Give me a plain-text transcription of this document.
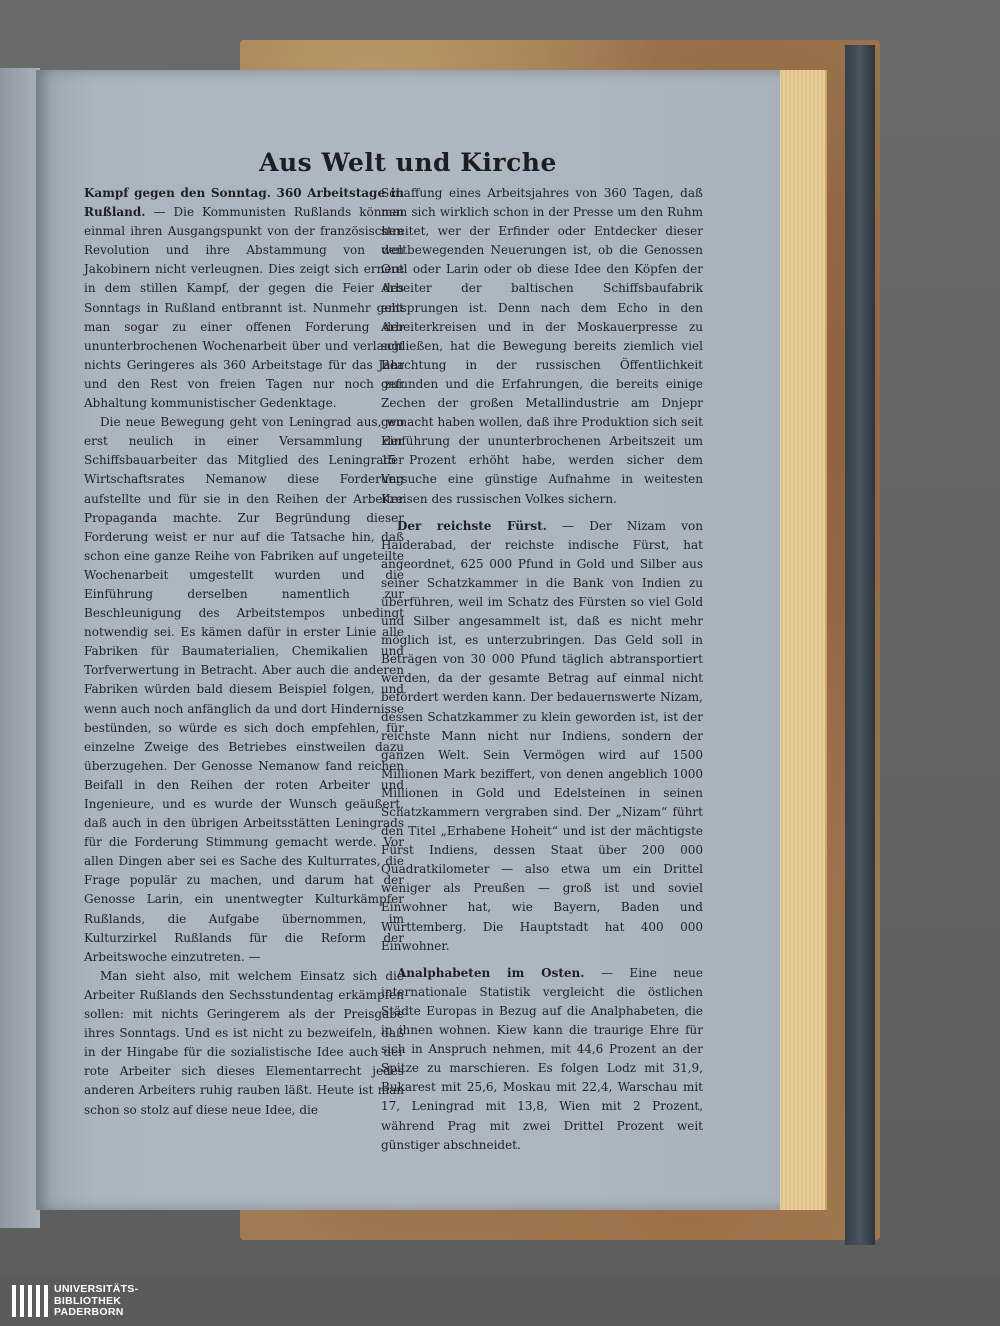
Aus Welt und Kirche

Kampf gegen den Sonntag. 360 Arbeitstage in Rußland. — Die Kommunisten Rußlands können einmal ihren Ausgangspunkt von der französischen Revolution und ihre Abstammung von den Jakobinern nicht verleugnen. Dies zeigt sich erneut in dem stillen Kampf, der gegen die Feier des Sonntags in Rußland entbrannt ist. Nunmehr geht man sogar zu einer offenen Forderung der ununterbrochenen Wochenarbeit über und verlangt nichts Geringeres als 360 Arbeitstage für das Jahr und den Rest von freien Tagen nur noch zur Abhaltung kommunistischer Gedenktage.

Die neue Bewegung geht von Leningrad aus, wo erst neulich in einer Versammlung der Schiffsbauarbeiter das Mitglied des Leningrader Wirtschaftsrates Nemanow diese Forderung aufstellte und für sie in den Reihen der Arbeiter Propaganda machte. Zur Begründung dieser Forderung weist er nur auf die Tatsache hin, daß schon eine ganze Reihe von Fabriken auf ungeteilte Wochenarbeit umgestellt wurden und die Einführung derselben namentlich zur Beschleunigung des Arbeitstempos unbedingt notwendig sei. Es kämen dafür in erster Linie alle Fabriken für Baumaterialien, Chemikalien und Torfverwertung in Betracht. Aber auch die anderen Fabriken würden bald diesem Beispiel folgen, und wenn auch noch anfänglich da und dort Hindernisse bestünden, so würde es sich doch empfehlen, für einzelne Zweige des Betriebes einstweilen dazu überzugehen. Der Genosse Nemanow fand reichen Beifall in den Reihen der roten Arbeiter und Ingenieure, und es wurde der Wunsch geäußert, daß auch in den übrigen Arbeitsstätten Leningrads für die Forderung Stimmung gemacht werde. Vor allen Dingen aber sei es Sache des Kulturrates, die Frage populär zu machen, und darum hat der Genosse Larin, ein unentwegter Kulturkämpfer Rußlands, die Aufgabe übernommen, im Kulturzirkel Rußlands für die Reform der Arbeitswoche einzutreten. —

Man sieht also, mit welchem Einsatz sich die Arbeiter Rußlands den Sechsstundentag erkämpfen sollen: mit nichts Geringerem als der Preisgabe ihres Sonntags. Und es ist nicht zu bezweifeln, daß in der Hingabe für die sozialistische Idee auch der rote Arbeiter sich dieses Elementarrecht jedes anderen Arbeiters ruhig rauben läßt. Heute ist man schon so stolz auf diese neue Idee, die

Schaffung eines Arbeitsjahres von 360 Tagen, daß man sich wirklich schon in der Presse um den Ruhm streitet, wer der Erfinder oder Entdecker dieser weltbewegenden Neuerungen ist, ob die Genossen Orel oder Larin oder ob diese Idee den Köpfen der Arbeiter der baltischen Schiffsbaufabrik entsprungen ist. Denn nach dem Echo in den Arbeiterkreisen und in der Moskauerpresse zu schließen, hat die Bewegung bereits ziemlich viel Beachtung in der russischen Öffentlichkeit gefunden und die Erfahrungen, die bereits einige Zechen der großen Metallindustrie am Dnjepr gemacht haben wollen, daß ihre Produktion sich seit Einführung der ununterbrochenen Arbeitszeit um 15 Prozent erhöht habe, werden sicher dem Versuche eine günstige Aufnahme in weitesten Kreisen des russischen Volkes sichern.

Der reichste Fürst. — Der Nizam von Haiderabad, der reichste indische Fürst, hat angeordnet, 625 000 Pfund in Gold und Silber aus seiner Schatzkammer in die Bank von Indien zu überführen, weil im Schatz des Fürsten so viel Gold und Silber angesammelt ist, daß es nicht mehr möglich ist, es unterzubringen. Das Geld soll in Beträgen von 30 000 Pfund täglich abtransportiert werden, da der gesamte Betrag auf einmal nicht befördert werden kann. Der bedauernswerte Nizam, dessen Schatzkammer zu klein geworden ist, ist der reichste Mann nicht nur Indiens, sondern der ganzen Welt. Sein Vermögen wird auf 1500 Millionen Mark beziffert, von denen angeblich 1000 Millionen in Gold und Edelsteinen in seinen Schatzkammern vergraben sind. Der „Nizam“ führt den Titel „Erhabene Hoheit“ und ist der mächtigste Fürst Indiens, dessen Staat über 200 000 Quadratkilometer — also etwa um ein Drittel weniger als Preußen — groß ist und soviel Einwohner hat, wie Bayern, Baden und Württemberg. Die Hauptstadt hat 400 000 Einwohner.

Analphabeten im Osten. — Eine neue internationale Statistik vergleicht die östlichen Städte Europas in Bezug auf die Analphabeten, die in ihnen wohnen. Kiew kann die traurige Ehre für sich in Anspruch nehmen, mit 44,6 Prozent an der Spitze zu marschieren. Es folgen Lodz mit 31,9, Bukarest mit 25,6, Moskau mit 22,4, Warschau mit 17, Leningrad mit 13,8, Wien mit 2 Prozent, während Prag mit zwei Drittel Prozent weit günstiger abschneidet.

UNIVERSITÄTS-
BIBLIOTHEK
PADERBORN
